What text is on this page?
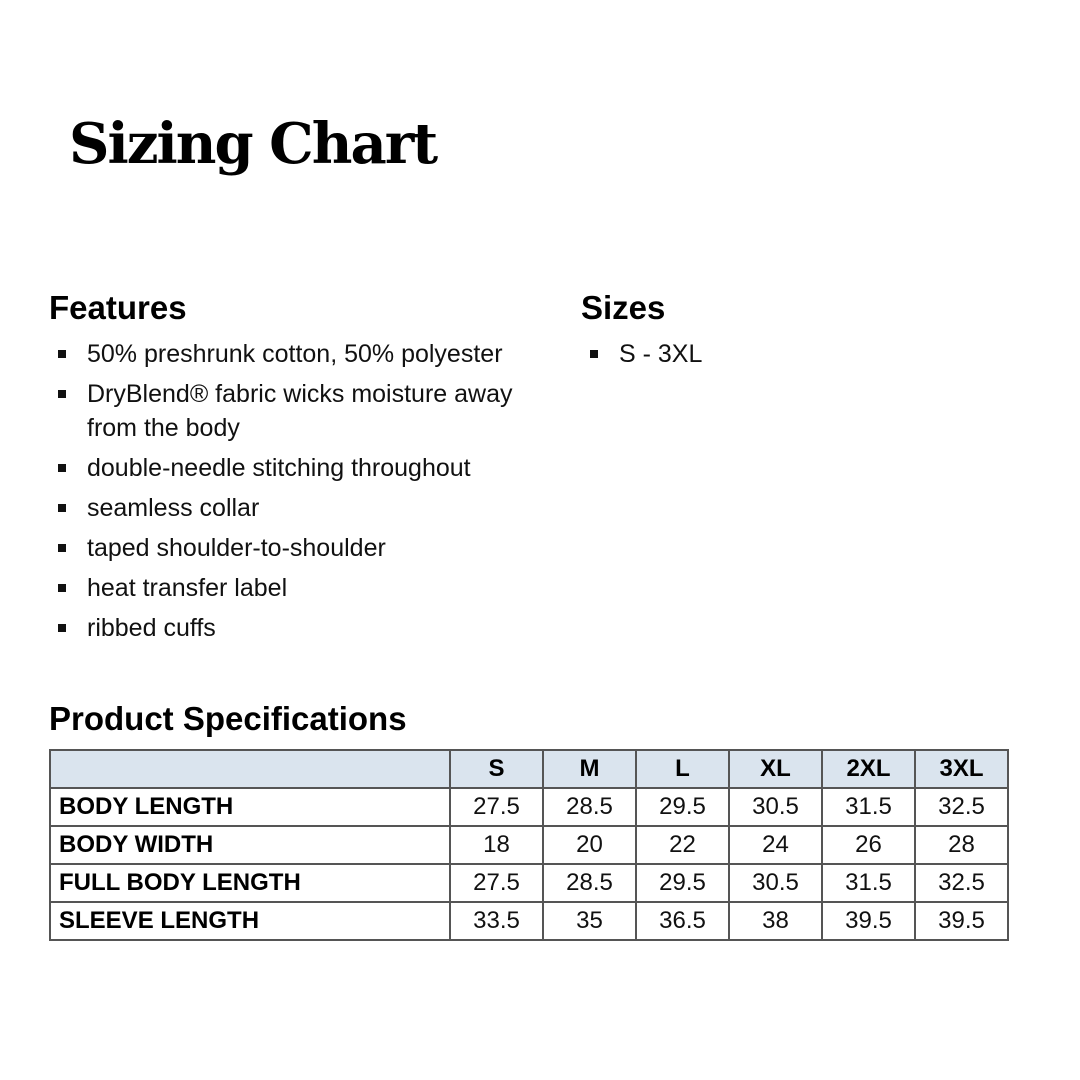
Sizing Chart
Features
50% preshrunk cotton, 50% polyester
DryBlend® fabric wicks moisture away from the body
double-needle stitching throughout
seamless collar
taped shoulder-to-shoulder
heat transfer label
ribbed cuffs
Sizes
S - 3XL
Product Specifications
	S	M	L	XL	2XL	3XL
BODY LENGTH	27.5	28.5	29.5	30.5	31.5	32.5
BODY WIDTH	18	20	22	24	26	28
FULL BODY LENGTH	27.5	28.5	29.5	30.5	31.5	32.5
SLEEVE LENGTH	33.5	35	36.5	38	39.5	39.5
